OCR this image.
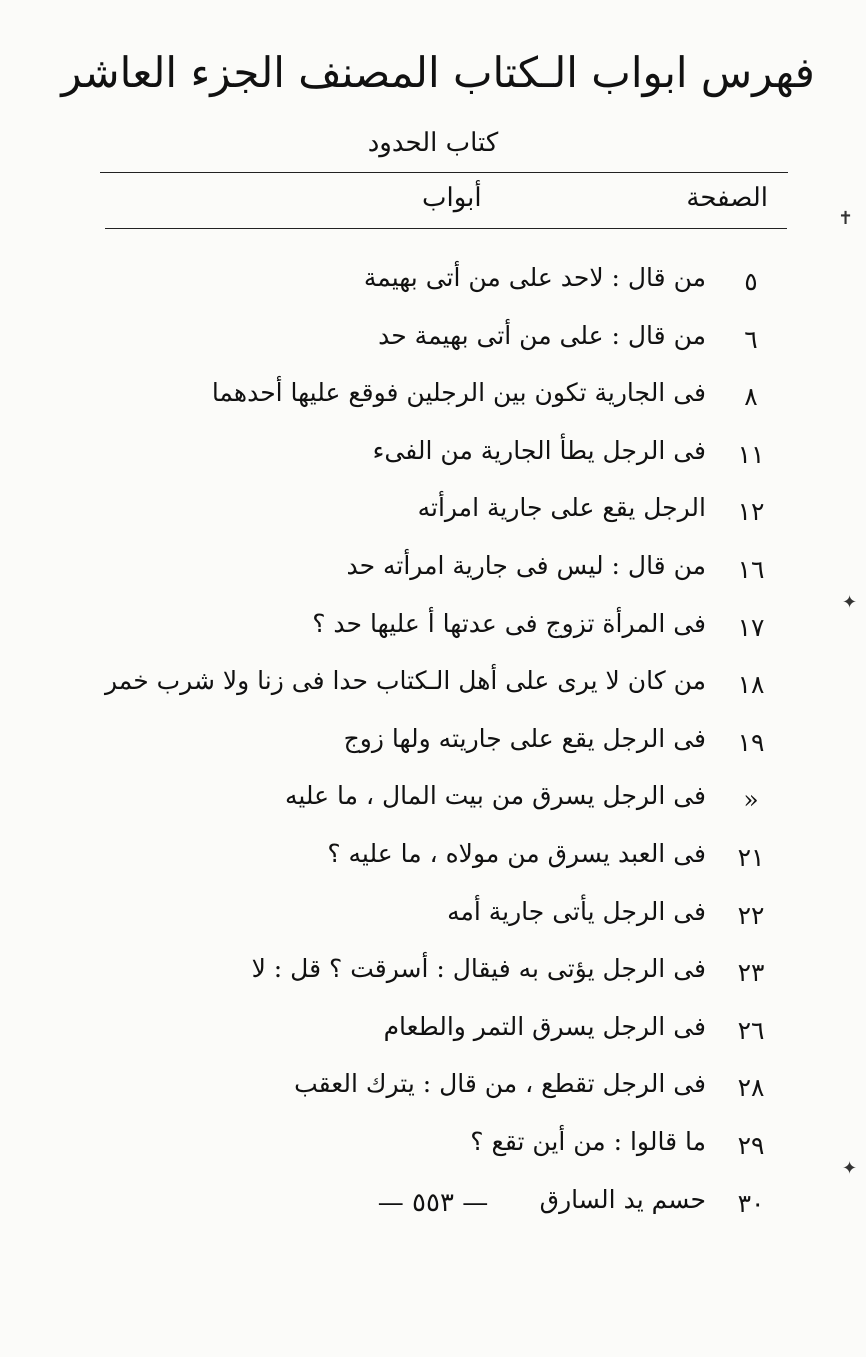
فهرس ابواب الـكتاب المصنف الجزء العاشر
كتاب الحدود
الصفحة
أبواب
٥
من قال : لاحد على من أتى بهيمة
٦
من قال : على من أتى بهيمة حد
٨
فى الجارية تكون بين الرجلين فوقع عليها أحدهما
١١
فى الرجل يطأ الجارية من الفىء
١٢
الرجل يقع على جارية امرأته
١٦
من قال : ليس فى جارية امرأته حد
١٧
فى المرأة تزوج فى عدتها أ عليها حد ؟
١٨
من كان لا يرى على أهل الـكتاب حدا فى زنا ولا شرب خمر
١٩
فى الرجل يقع على جاريته ولها زوج
«
فى الرجل يسرق من بيت المال ، ما عليه
٢١
فى العبد يسرق من مولاه ، ما عليه ؟
٢٢
فى الرجل يأتى جارية أمه
٢٣
فى الرجل يؤتى به فيقال : أسرقت ؟ قل : لا
٢٦
فى الرجل يسرق التمر والطعام
٢٨
فى الرجل تقطع ، من قال : يترك العقب
٢٩
ما قالوا : من أين تقع ؟
٣٠
حسم يد السارق
— ٥٥٣ —
✝
✦
✦
